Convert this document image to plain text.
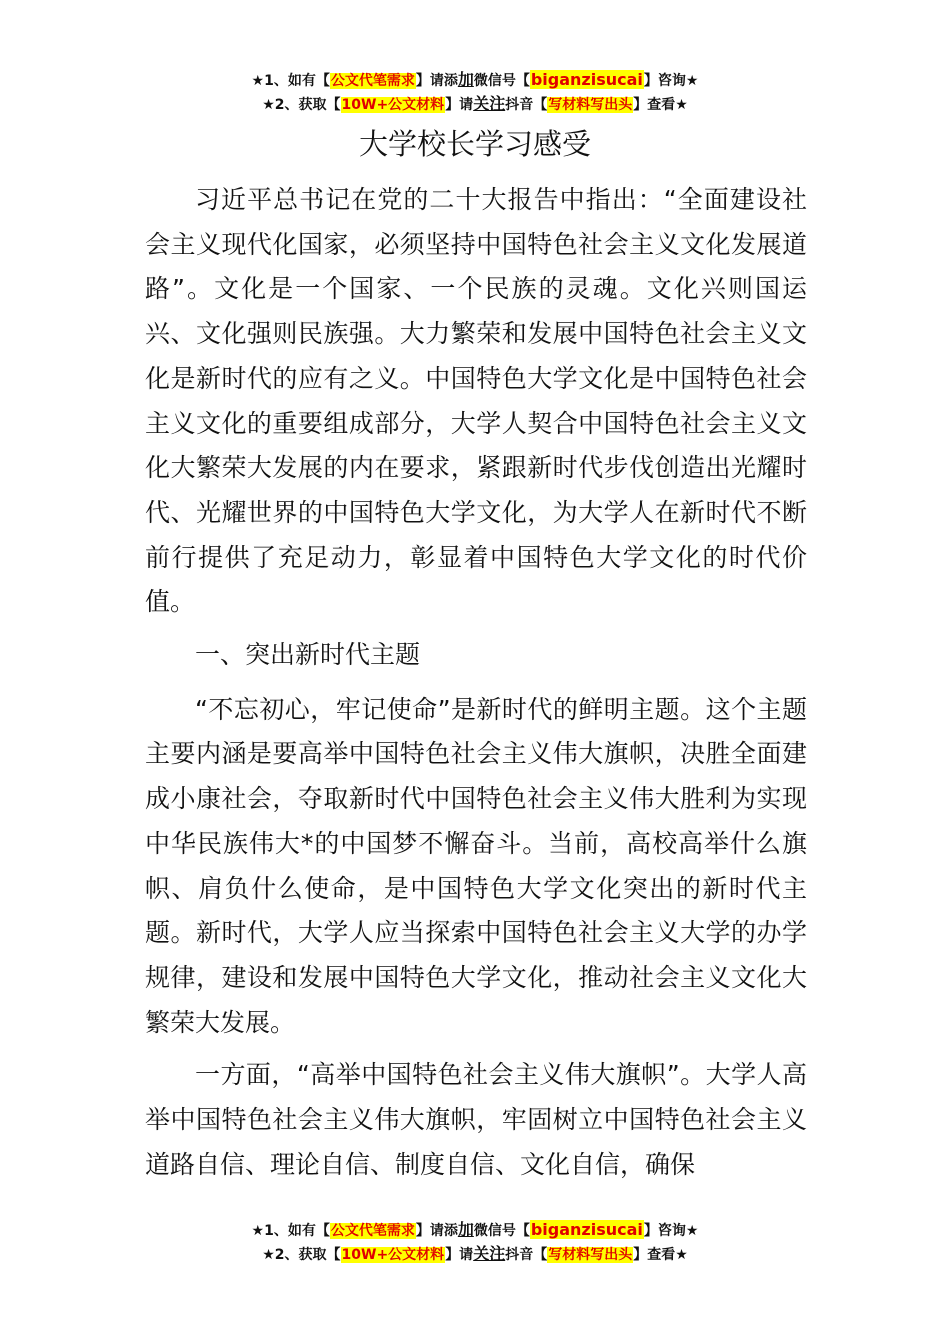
★1、如有【公文代笔需求】请添加微信号【biganzisucai】咨询★
★2、获取【10W+公文材料】请关注抖音【写材料写出头】查看★
大学校长学习感受

习近平总书记在党的二十大报告中指出：“全面建设社会主义现代化国家，必须坚持中国特色社会主义文化发展道路”。文化是一个国家、一个民族的灵魂。文化兴则国运兴、文化强则民族强。大力繁荣和发展中国特色社会主义文化是新时代的应有之义。中国特色大学文化是中国特色社会主义文化的重要组成部分，大学人契合中国特色社会主义文化大繁荣大发展的内在要求，紧跟新时代步伐创造出光耀时代、光耀世界的中国特色大学文化，为大学人在新时代不断前行提供了充足动力，彰显着中国特色大学文化的时代价值。

一、突出新时代主题

“不忘初心，牢记使命”是新时代的鲜明主题。这个主题主要内涵是要高举中国特色社会主义伟大旗帜，决胜全面建成小康社会，夺取新时代中国特色社会主义伟大胜利为实现中华民族伟大*的中国梦不懈奋斗。当前，高校高举什么旗帜、肩负什么使命，是中国特色大学文化突出的新时代主题。新时代，大学人应当探索中国特色社会主义大学的办学规律，建设和发展中国特色大学文化，推动社会主义文化大繁荣大发展。

一方面，“高举中国特色社会主义伟大旗帜”。大学人高举中国特色社会主义伟大旗帜，牢固树立中国特色社会主义道路自信、理论自信、制度自信、文化自信，确保

★1、如有【公文代笔需求】请添加微信号【biganzisucai】咨询★
★2、获取【10W+公文材料】请关注抖音【写材料写出头】查看★
